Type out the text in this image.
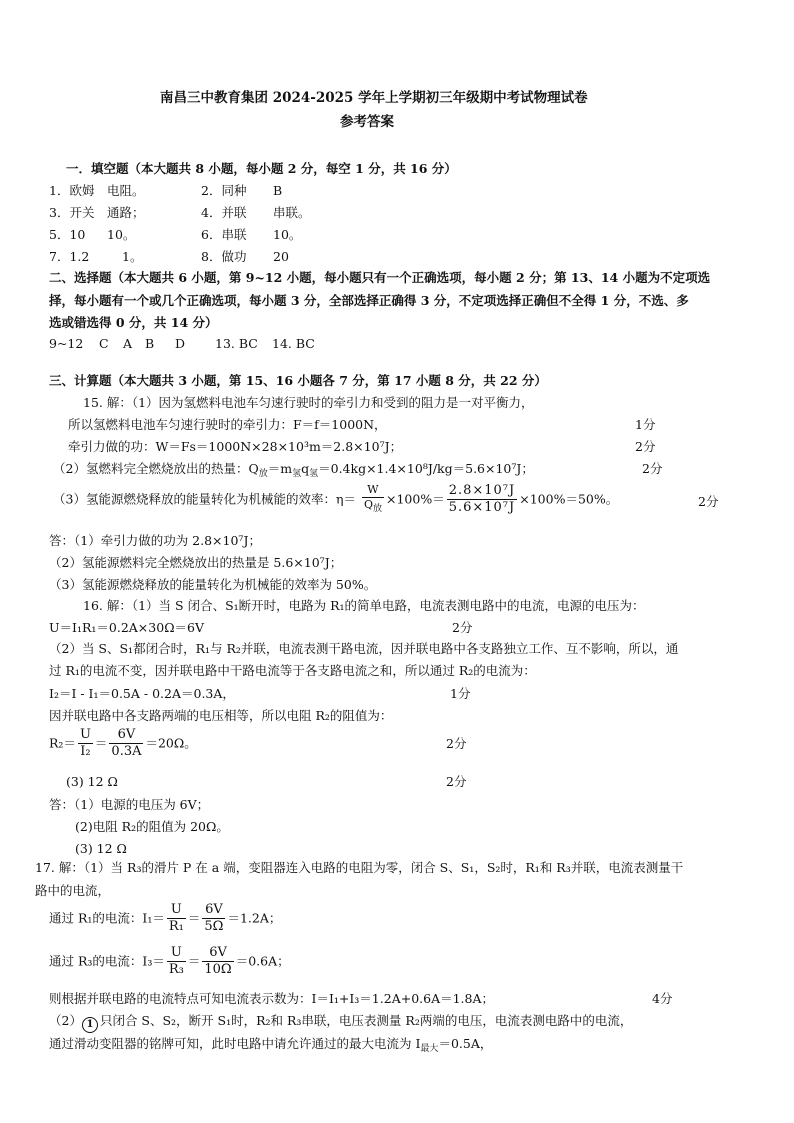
南昌三中教育集团 2024-2025 学年上学期初三年级期中考试物理试卷
参考答案
一．填空题（本大题共 8 小题，每小题 2 分，每空 1 分，共 16 分）
1．欧姆 电阻。	2．同种 B
3．开关 通路；	4．并联 串联。
5．10 10。	6．串联 10。
7．1.2	1。	8．做功 20
二、选择题（本大题共 6 小题，第 9~12 小题，每小题只有一个正确选项，每小题 2 分；第 13、14 小题为不定项选
择，每小题有一个或几个正确选项，每小题 3 分，全部选择正确得 3 分，不定项选择正确但不全得 1 分，不选、多
选或错选得 0 分，共 14 分）
9~12 C A B D 13. BC 14. BC
三、计算题（本大题共 3 小题，第 15、16 小题各 7 分，第 17 小题 8 分，共 22 分）
15. 解：（1）因为氢燃料电池车匀速行驶时的牵引力和受到的阻力是一对平衡力，
所以氢燃料电池车匀速行驶时的牵引力：F＝f＝1000N，	1分
牵引力做的功：W＝Fs＝1000N×28×10³m＝2.8×10⁷J；	2分
（2）氢燃料完全燃烧放出的热量：$Q_放=m_氢q_氢=0.4kg\times 1.4\times 10^8J/kg=5.6\times 10^7J$；	2分
（3）氢能源燃烧释放的能量转化为机械能的效率：$\eta= \frac{W}{Q_放} \times 100\%= \frac{\text{2.8×10⁷J}}{\text{5.6×10⁷J}} \times 100\%=50\%$。	2分
答：（1）牵引力做的功为 2.8×10⁷J；
（2）氢能源燃料完全燃烧放出的热量是 5.6×10⁷J；
（3）氢能源燃烧释放的能量转化为机械能的效率为 50%。
16. 解：（1）当 S 闭合、S₁断开时，电路为 R₁的简单电路，电流表测电路中的电流，电源的电压为：
U＝I₁R₁＝0.2A×30Ω＝6V	2分
（2）当 S、S₁都闭合时，R₁与 R₂并联，电流表测干路电流，因并联电路中各支路独立工作、互不影响，所以，通
过 R₁的电流不变，因并联电路中干路电流等于各支路电流之和，所以通过 R₂的电流为：
I₂＝I - I₁＝0.5A - 0.2A＝0.3A，	1分
因并联电路中各支路两端的电压相等，所以电阻 R₂的阻值为：
$R_2= \frac{U}{\text{I₂}} = \frac{6V}{0.3A} =20\Omega$。	2分
(3) 12 Ω	2分
答：（1）电源的电压为 6V；
(2)电阻 R₂的阻值为 20Ω。
(3) 12 Ω
17. 解：（1）当 R₃的滑片 P 在 a 端，变阻器连入电路的电阻为零，闭合 S、S₁，S₂时，R₁和 R₃并联，电流表测量干
路中的电流，
通过 R₁的电流：$I_1= \frac{U}{\text{R₁}} = \frac{6V}{5\Omega} =1.2A$；
通过 R₃的电流：$I_3= \frac{U}{\text{R₃}} = \frac{6V}{10\Omega} =0.6A$；
则根据并联电路的电流特点可知电流表示数为：I＝I₁+I₃＝1.2A+0.6A＝1.8A；	4分
（2） 1 只闭合 S、S₂，断开 S₁时，R₂和 R₃串联，电压表测量 R₂两端的电压，电流表测电路中的电流，
通过滑动变阻器的铭牌可知，此时电路中请允许通过的最大电流为 $I_{最大}=0.5A$，
